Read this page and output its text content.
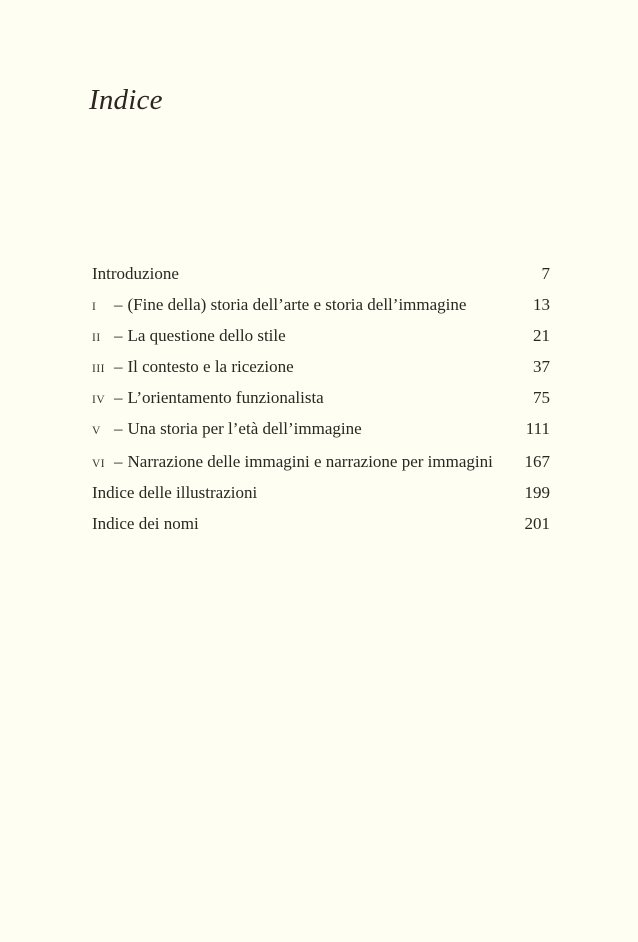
Indice
Introduzione	7
I	– (Fine della) storia dell’arte e storia dell’immagine	13
II – La questione dello stile	21
III – Il contesto e la ricezione	37
IV – L’orientamento funzionalista	75
V – Una storia per l’età dell’immagine	111
VI – Narrazione delle immagini e narrazione per immagini 167
Indice delle illustrazioni	199
Indice dei nomi	201
